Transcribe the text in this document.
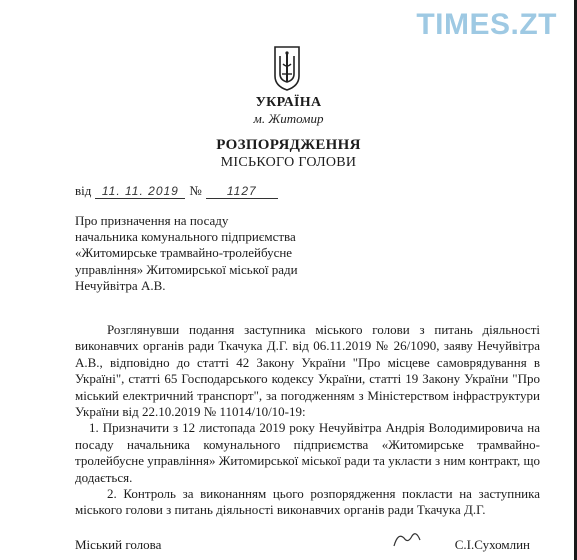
TIMES.ZT
УКРАЇНА
м. Житомир
РОЗПОРЯДЖЕННЯ
МІСЬКОГО ГОЛОВИ
від 11. 11. 2019 № 1127
Про призначення на посаду
начальника комунального підприємства
«Житомирське трамвайно-тролейбусне
управління» Житомирської міської ради
Нечуйвітра А.В.

Розглянувши подання заступника міського голови з питань діяльності виконавчих органів ради Ткачука Д.Г. від 06.11.2019 № 26/1090, заяву Нечуйвітра А.В., відповідно до статті 42 Закону України "Про місцеве самоврядування в Україні", статті 65 Господарського кодексу України, статті 19 Закону України "Про міський електричний транспорт", за погодженням з Міністерством інфраструктури України від 22.10.2019 № 11014/10/10-19:

1. Призначити з 12 листопада 2019 року Нечуйвітра Андрія Володимировича на посаду начальника комунального підприємства «Житомирське трамвайно-тролейбусне управління» Житомирської міської ради та укласти з ним контракт, що додається.

2. Контроль за виконанням цього розпорядження покласти на заступника міського голови з питань діяльності виконавчих органів ради Ткачука Д.Г.

Міський голова	С.І.Сухомлин
